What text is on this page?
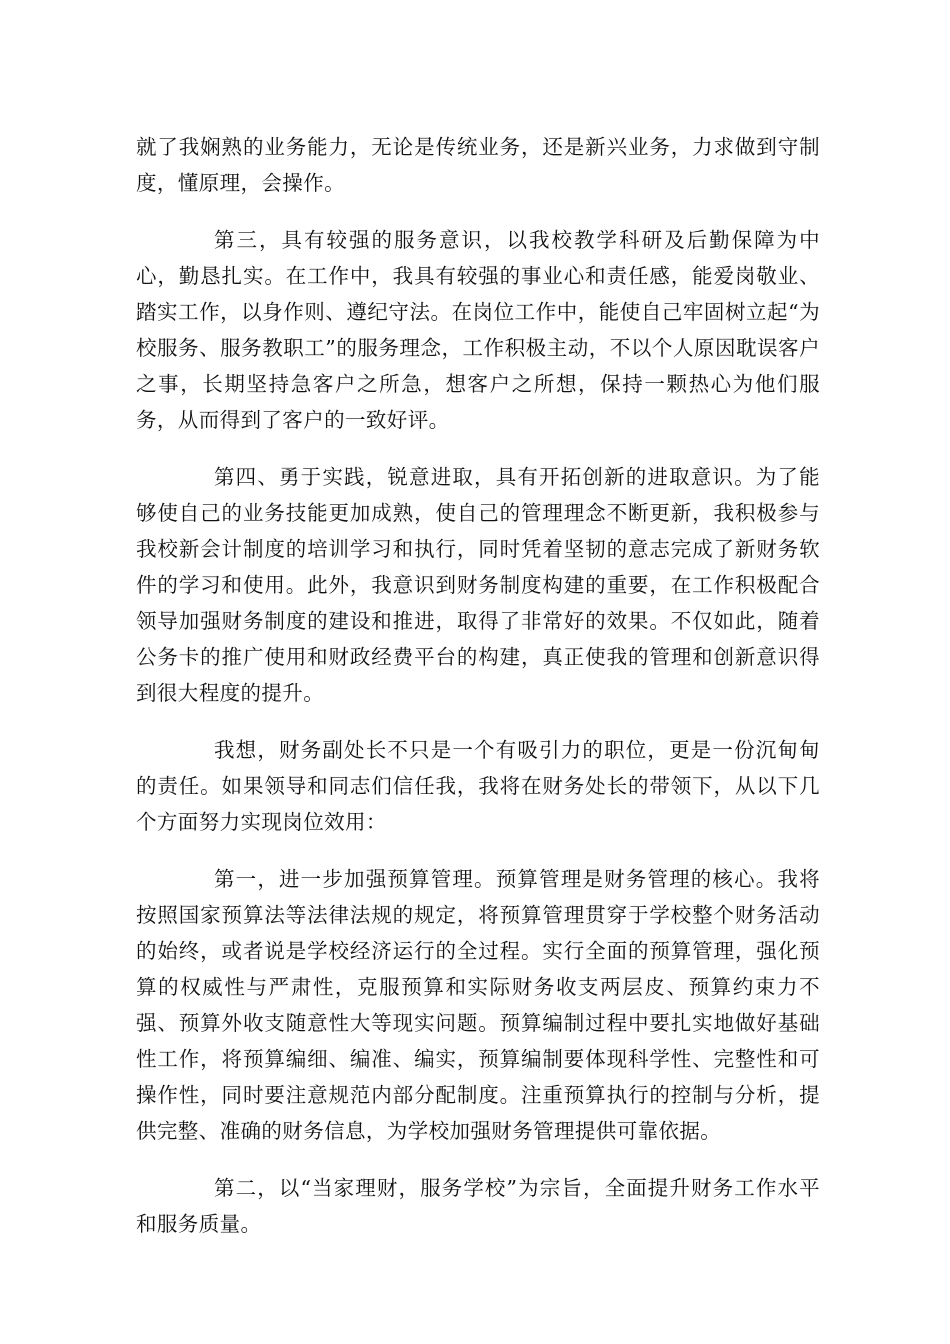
就了我娴熟的业务能力，无论是传统业务，还是新兴业务，力求做到守制度，懂原理，会操作。

第三，具有较强的服务意识，以我校教学科研及后勤保障为中心，勤恳扎实。在工作中，我具有较强的事业心和责任感，能爱岗敬业、踏实工作，以身作则、遵纪守法。在岗位工作中，能使自己牢固树立起“为校服务、服务教职工”的服务理念，工作积极主动，不以个人原因耽误客户之事，长期坚持急客户之所急，想客户之所想，保持一颗热心为他们服务，从而得到了客户的一致好评。

第四、勇于实践，锐意进取，具有开拓创新的进取意识。为了能够使自己的业务技能更加成熟，使自己的管理理念不断更新，我积极参与我校新会计制度的培训学习和执行，同时凭着坚韧的意志完成了新财务软件的学习和使用。此外，我意识到财务制度构建的重要，在工作积极配合领导加强财务制度的建设和推进，取得了非常好的效果。不仅如此，随着公务卡的推广使用和财政经费平台的构建，真正使我的管理和创新意识得到很大程度的提升。

我想，财务副处长不只是一个有吸引力的职位，更是一份沉甸甸的责任。如果领导和同志们信任我，我将在财务处长的带领下，从以下几个方面努力实现岗位效用：

第一，进一步加强预算管理。预算管理是财务管理的核心。我将按照国家预算法等法律法规的规定，将预算管理贯穿于学校整个财务活动的始终，或者说是学校经济运行的全过程。实行全面的预算管理，强化预算的权威性与严肃性，克服预算和实际财务收支两层皮、预算约束力不强、预算外收支随意性大等现实问题。预算编制过程中要扎实地做好基础性工作，将预算编细、编准、编实，预算编制要体现科学性、完整性和可操作性，同时要注意规范内部分配制度。注重预算执行的控制与分析，提供完整、准确的财务信息，为学校加强财务管理提供可靠依据。

第二，以“当家理财，服务学校”为宗旨，全面提升财务工作水平和服务质量。
